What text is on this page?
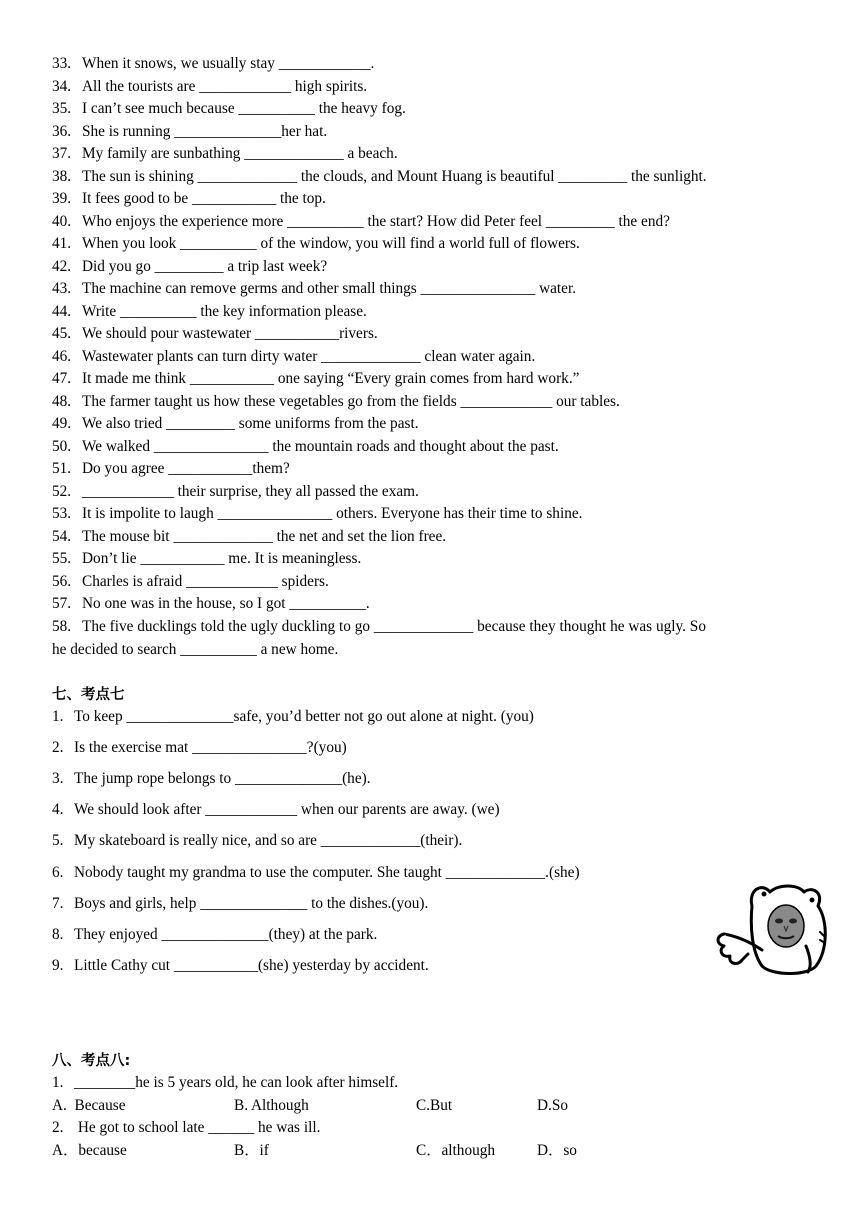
33. When it snows, we usually stay ____________.
34. All the tourists are ____________ high spirits.
35. I can’t see much because __________ the heavy fog.
36. She is running ______________her hat.
37. My family are sunbathing _____________ a beach.
38. The sun is shining _____________ the clouds, and Mount Huang is beautiful _________ the sunlight.
39. It fees good to be ___________ the top.
40. Who enjoys the experience more __________ the start? How did Peter feel _________ the end?
41. When you look __________ of the window, you will find a world full of flowers.
42. Did you go _________ a trip last week?
43. The machine can remove germs and other small things _______________ water.
44. Write __________ the key information please.
45. We should pour wastewater ___________rivers.
46. Wastewater plants can turn dirty water _____________ clean water again.
47. It made me think ___________ one saying “Every grain comes from hard work.”
48. The farmer taught us how these vegetables go from the fields ____________ our tables.
49. We also tried _________ some uniforms from the past.
50. We walked _______________ the mountain roads and thought about the past.
51. Do you agree ___________them?
52. ____________ their surprise, they all passed the exam.
53. It is impolite to laugh _______________ others. Everyone has their time to shine.
54. The mouse bit _____________ the net and set the lion free.
55. Don’t lie ___________ me. It is meaningless.
56. Charles is afraid ____________ spiders.
57. No one was in the house, so I got __________.
58. The five ducklings told the ugly duckling to go _____________ because they thought he was ugly. So
he decided to search __________ a new home.
七、考点七
1. To keep ______________safe, you’d better not go out alone at night. (you)
2. Is the exercise mat _______________?(you)
3. The jump rope belongs to ______________(he).
4. We should look after ____________ when our parents are away. (we)
5. My skateboard is really nice, and so are _____________(their).
6. Nobody taught my grandma to use the computer. She taught _____________.(she)
7. Boys and girls, help ______________ to the dishes.(you).
8. They enjoyed ______________(they) at the park.
9. Little Cathy cut ___________(she) yesterday by accident.
八、考点八:
1. ________he is 5 years old, he can look after himself.
A.  Because	B. Although	C.But	D.So
2. He got to school late ______ he was ill.
A．because	B．if	C．although	D．so
